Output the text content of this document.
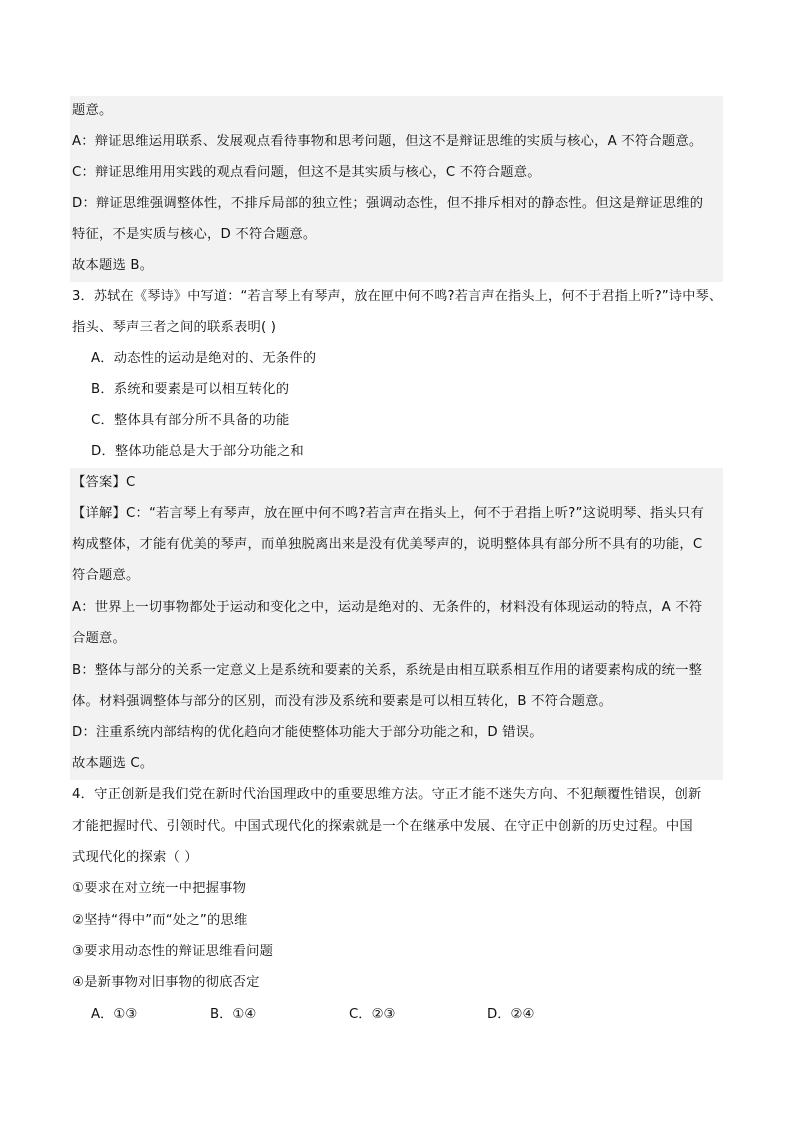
题意。
A：辩证思维运用联系、发展观点看待事物和思考问题，但这不是辩证思维的实质与核心，A 不符合题意。
C：辩证思维用用实践的观点看问题，但这不是其实质与核心，C 不符合题意。
D：辩证思维强调整体性，不排斥局部的独立性；强调动态性，但不排斥相对的静态性。但这是辩证思维的
特征，不是实质与核心，D 不符合题意。
故本题选 B。
3．苏轼在《琴诗》中写道：“若言琴上有琴声，放在匣中何不鸣?若言声在指头上，何不于君指上听?”诗中琴、
指头、琴声三者之间的联系表明( )
A．动态性的运动是绝对的、无条件的
B．系统和要素是可以相互转化的
C．整体具有部分所不具备的功能
D．整体功能总是大于部分功能之和
【答案】C
【详解】C：“若言琴上有琴声，放在匣中何不鸣?若言声在指头上，何不于君指上听?”这说明琴、指头只有
构成整体，才能有优美的琴声，而单独脱离出来是没有优美琴声的，说明整体具有部分所不具有的功能，C
符合题意。
A：世界上一切事物都处于运动和变化之中，运动是绝对的、无条件的，材料没有体现运动的特点，A 不符
合题意。
B：整体与部分的关系一定意义上是系统和要素的关系，系统是由相互联系相互作用的诸要素构成的统一整
体。材料强调整体与部分的区别，而没有涉及系统和要素是可以相互转化，B 不符合题意。
D：注重系统内部结构的优化趋向才能使整体功能大于部分功能之和，D 错误。
故本题选 C。
4．守正创新是我们党在新时代治国理政中的重要思维方法。守正才能不迷失方向、不犯颠覆性错误，创新
才能把握时代、引领时代。中国式现代化的探索就是一个在继承中发展、在守正中创新的历史过程。中国
式现代化的探索（ ）
①要求在对立统一中把握事物
②坚持“得中”而“处之”的思维
③要求用动态性的辩证思维看问题
④是新事物对旧事物的彻底否定
A．①③	B．①④	C．②③	D．②④
